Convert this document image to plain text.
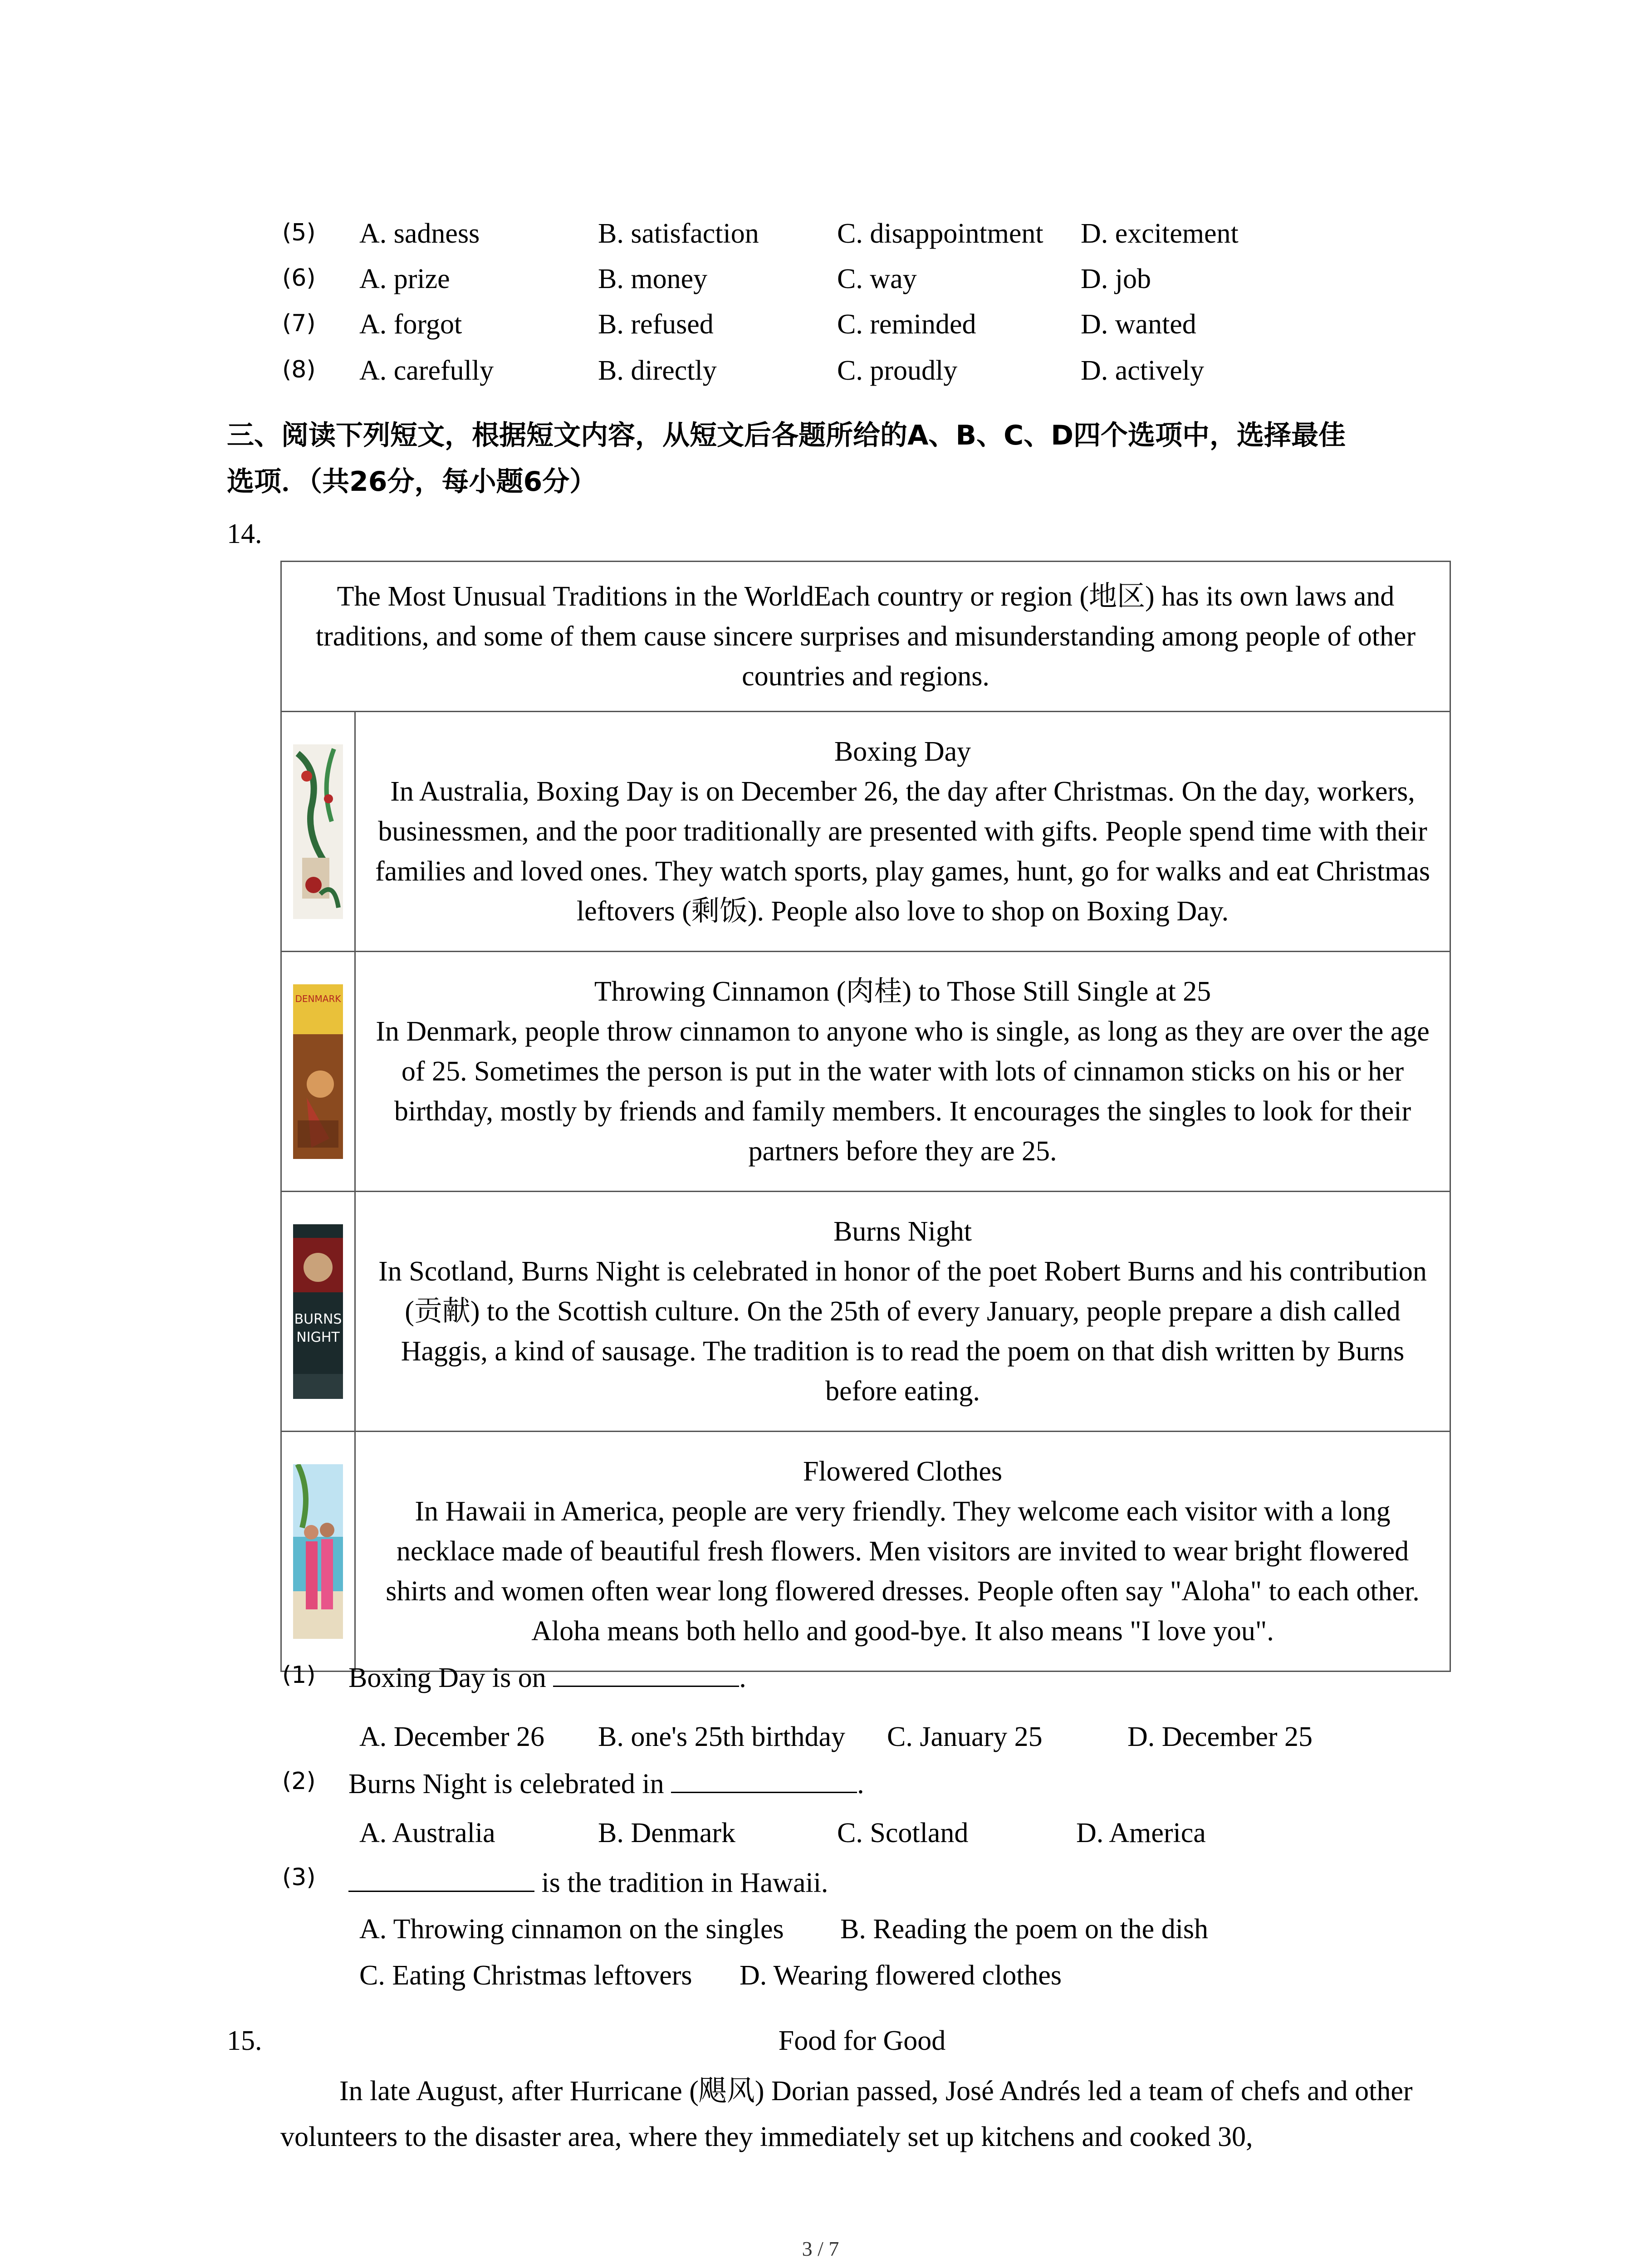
(5) A. sadness	B. satisfaction	C. disappointment D. excitement
(6) A. prize	B. money	C. way	D. job
(7) A. forgot	B. refused	C. reminded	D. wanted
(8) A. carefully	B. directly	C. proudly	D. actively
三、阅读下列短文，根据短文内容，从短文后各题所给的A、B、C、D四个选项中，选择最佳
选项．（共26分，每小题6分）
14.
The Most Unusual Traditions in the WorldEach country or region (地区) has its own laws and traditions, and some of them cause sincere surprises and misunderstanding among people of other countries and regions.	

Boxing Day
In Australia, Boxing Day is on December 26, the day after Christmas. On the day, workers, businessmen, and the poor traditionally are presented with gifts. People spend time with their families and loved ones. They watch sports, play games, hunt, go for walks and eat Christmas leftovers (剩饭). People also love to shop on Boxing Day.

DENMARK	Throwing Cinnamon (肉桂) to Those Still Single at 25
In Denmark, people throw cinnamon to anyone who is single, as long as they are over the age of 25. Sometimes the person is put in the water with lots of cinnamon sticks on his or her birthday, mostly by friends and family members. It encourages the singles to look for their partners before they are 25.

BURNS NIGHT	Burns Night
In Scotland, Burns Night is celebrated in honor of the poet Robert Burns and his contribution (贡献) to the Scottish culture. On the 25th of every January, people prepare a dish called Haggis, a kind of sausage. The tradition is to read the poem on that dish written by Burns before eating.

Flowered Clothes
In Hawaii in America, people are very friendly. They welcome each visitor with a long necklace made of beautiful fresh flowers. Men visitors are invited to wear bright flowered shirts and women often wear long flowered dresses. People often say "Aloha" to each other. Aloha means both hello and good-bye. It also means "I love you".
(1) Boxing Day is on	.
A. December 26 B. one's 25th birthday C. January 25	D. December 25
(2) Burns Night is celebrated in	.
A. Australia	B. Denmark	C. Scotland	D. America
(3)	is the tradition in Hawaii.
A. Throwing cinnamon on the singles B. Reading the poem on the dish
C. Eating Christmas leftovers D. Wearing flowered clothes
15.	Food for Good
In late August, after Hurricane (飓风) Dorian passed, José Andrés led a team of chefs and other volunteers to the disaster area, where they immediately set up kitchens and cooked 30,
3 / 7
